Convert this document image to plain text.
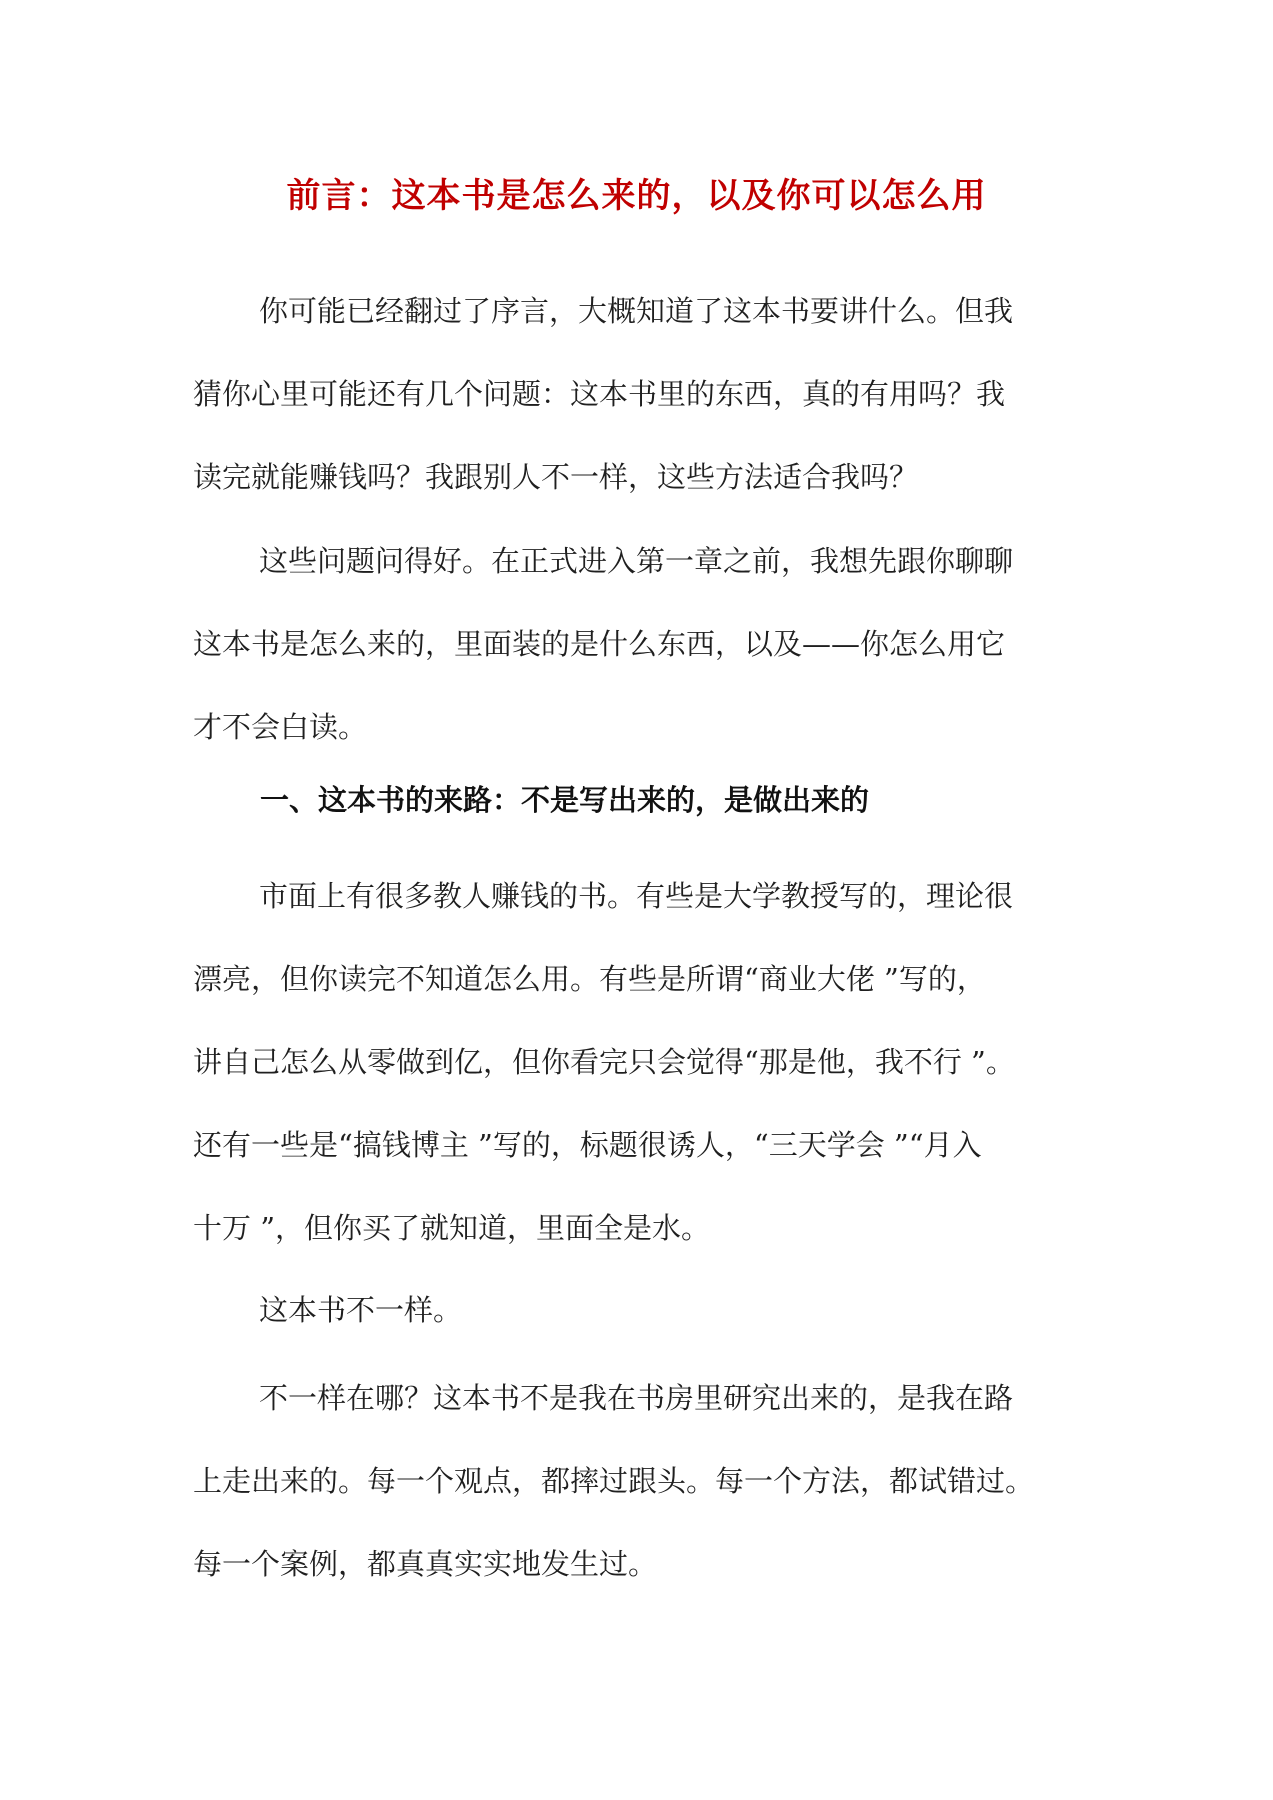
前言：这本书是怎么来的，以及你可以怎么用

你可能已经翻过了序言，大概知道了这本书要讲什么。但我
猜你心里可能还有几个问题：这本书里的东西，真的有用吗？我
读完就能赚钱吗？我跟别人不一样，这些方法适合我吗？

这些问题问得好。在正式进入第一章之前，我想先跟你聊聊
这本书是怎么来的，里面装的是什么东西，以及——你怎么用它
才不会白读。

一、这本书的来路：不是写出来的，是做出来的

市面上有很多教人赚钱的书。有些是大学教授写的，理论很
漂亮，但你读完不知道怎么用。有些是所谓“商业大佬 ”写的，
讲自己怎么从零做到亿，但你看完只会觉得“那是他，我不行 ”。
还有一些是“搞钱博主 ”写的，标题很诱人，“三天学会 ”“月入
十万 ”，但你买了就知道，里面全是水。

这本书不一样。

不一样在哪？这本书不是我在书房里研究出来的，是我在路
上走出来的。每一个观点，都摔过跟头。每一个方法，都试错过。
每一个案例，都真真实实地发生过。
